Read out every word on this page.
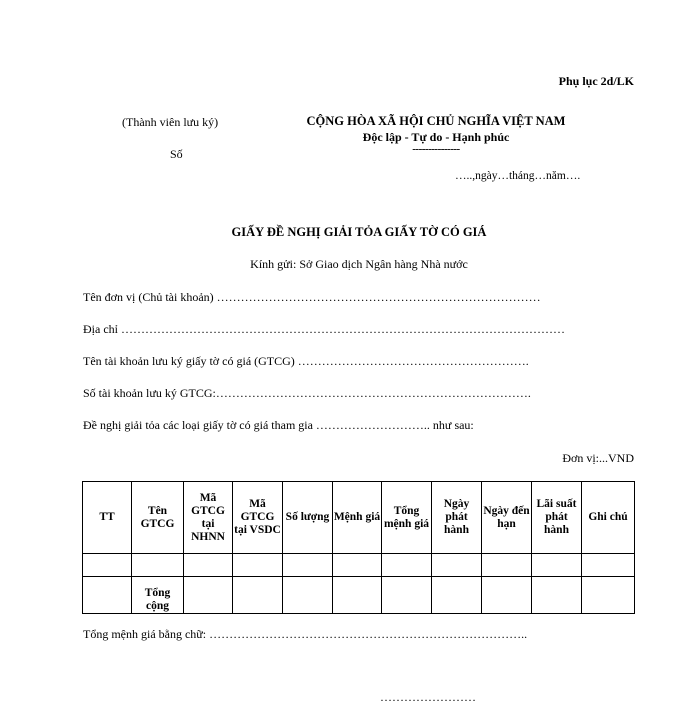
Phụ lục 2d/LK
(Thành viên lưu ký)
Số
CỘNG HÒA XÃ HỘI CHỦ NGHĨA VIỆT NAM
Độc lập - Tự do - Hạnh phúc
---------------
…..,ngày…tháng…năm….
GIẤY ĐỀ NGHỊ GIẢI TỎA GIẤY TỜ CÓ GIÁ
Kính gửi: Sở Giao dịch Ngân hàng Nhà nước
Tên đơn vị (Chủ tài khoản) ………………………………………………………………………
Địa chỉ …………………………………………………………………………………………………
Tên tài khoản lưu ký giấy tờ có giá (GTCG) ………………………………………………….
Số tài khoản lưu ký GTCG:…………………………………………………………………….
Đề nghị giải tỏa các loại giấy tờ có giá tham gia ……………………….. như sau:
Đơn vị:...VND
TT	Tên GTCG	Mã GTCG tại NHNN	Mã GTCG tại VSDC	Số lượng	Mệnh giá	Tổng mệnh giá	Ngày phát hành	Ngày đến hạn	Lãi suất phát hành	Ghi chú

	Tổng cộng									
Tổng mệnh giá bằng chữ: ……………………………………………………………………..
……………………
